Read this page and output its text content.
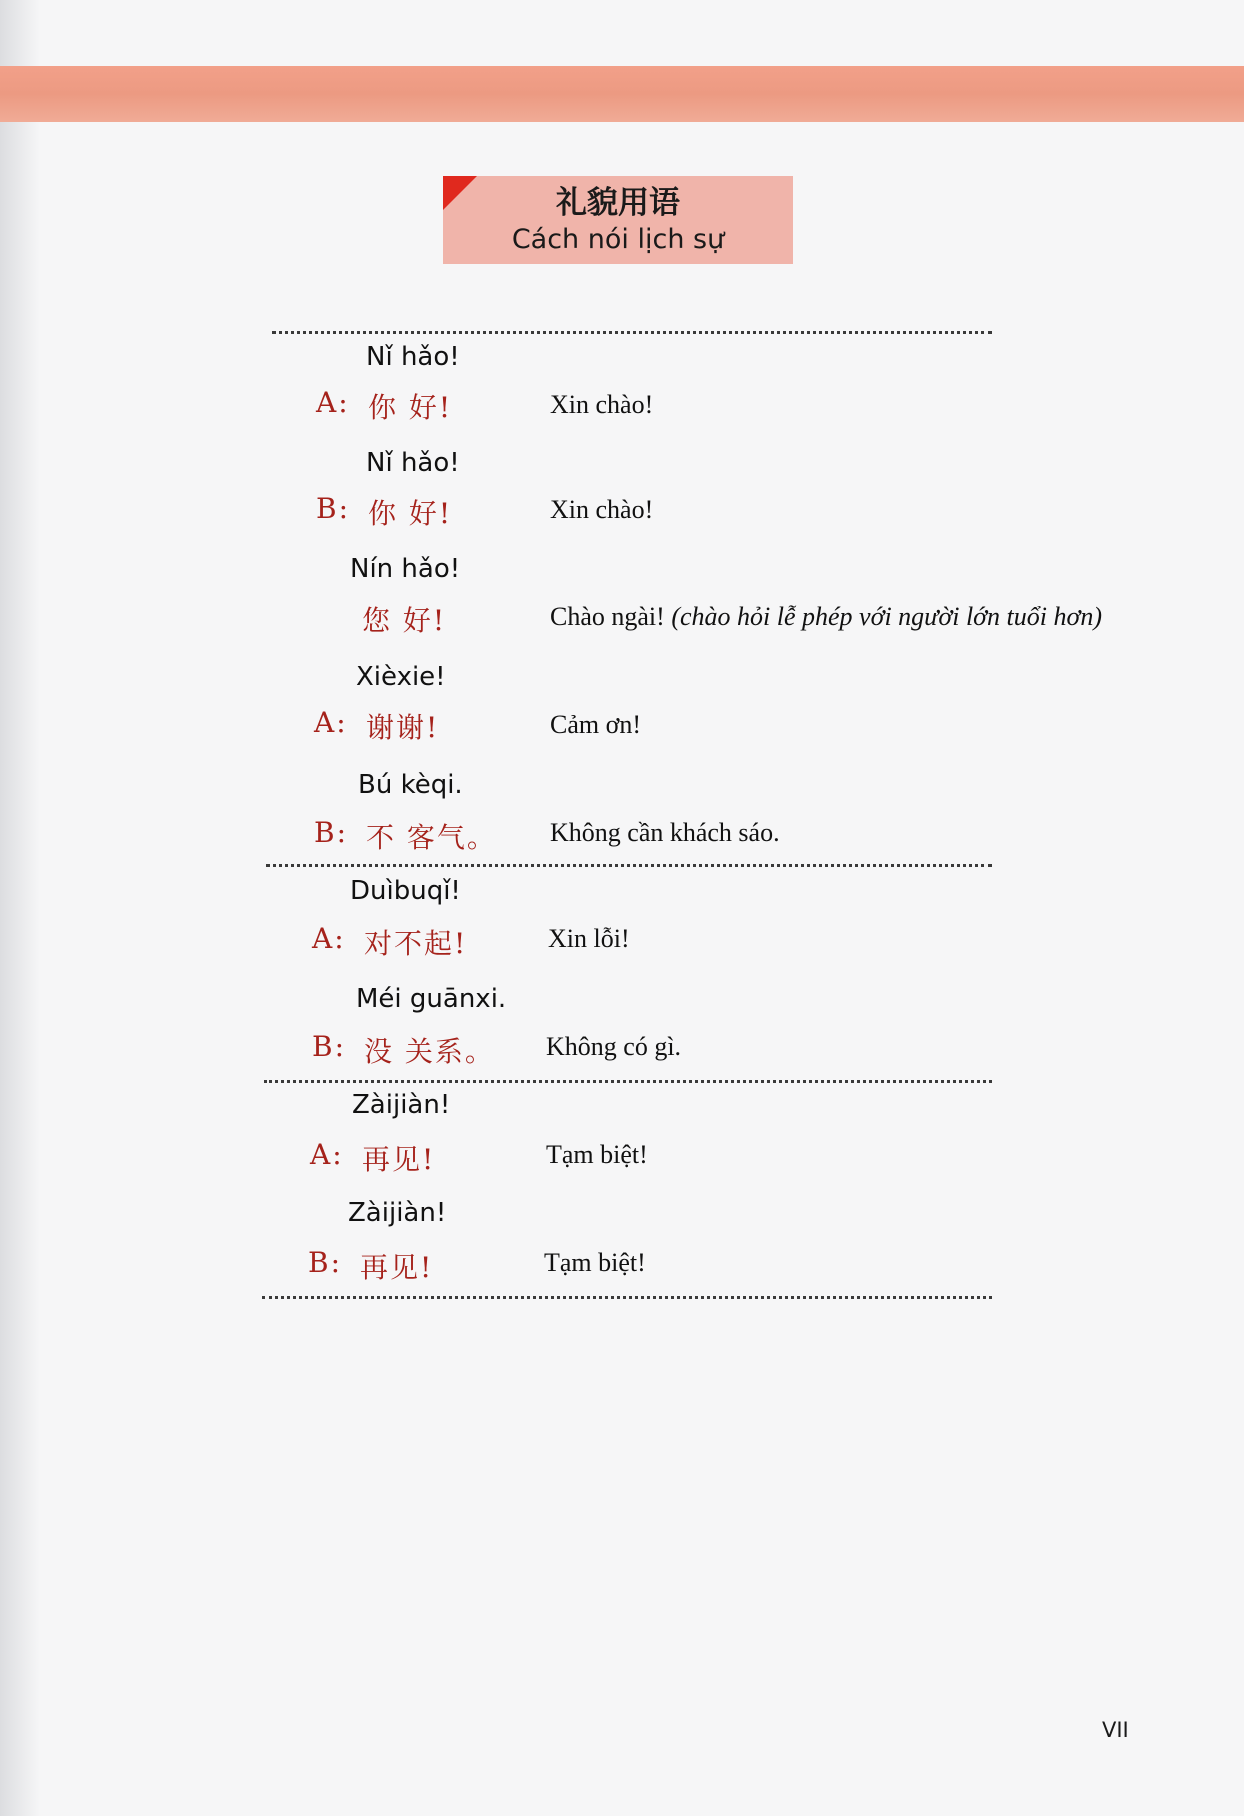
礼貌用语
Cách nói lịch sự
Nǐ hǎo!
A: 你 好!	Xin chào!
Nǐ hǎo!
B: 你 好!	Xin chào!
Nín hǎo!
您 好!	Chào ngài! (chào hỏi lễ phép với người lớn tuổi hơn)
Xièxie!
A: 谢谢!	Cảm ơn!
Bú kèqi.
B: 不 客气。 Không cần khách sáo.
Duìbuqǐ!
A: 对不起!	Xin lỗi!
Méi guānxi.
B: 没 关系。 Không có gì.
Zàijiàn!
A: 再见!	Tạm biệt!
Zàijiàn!
B: 再见!	Tạm biệt!
VII
